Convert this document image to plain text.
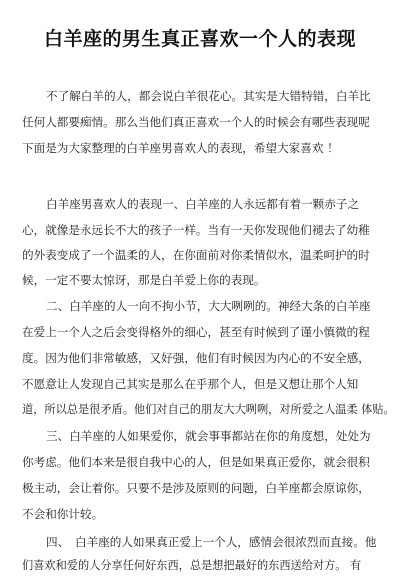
白羊座的男生真正喜欢一个人的表现
不了解白羊的人，都会说白羊很花心。其实是大错特错，白羊比
任何人都要痴情。那么当他们真正喜欢一个人的时候会有哪些表现呢
下面是为大家整理的白羊座男喜欢人的表现，希望大家喜欢 ！
白羊座男喜欢人的表现一、白羊座的人永远都有着一颗赤子之
心，就像是永远长不大的孩子一样。当有一天你发现他们褪去了幼稚
的外表变成了一个温柔的人，在你面前对你柔情似水，温柔呵护的时
候，一定不要太惊讶，那是白羊爱上你的表现。
二、白羊座的人一向不拘小节，大大咧咧的。神经大条的白羊座
在爱上一个人之后会变得格外的细心，甚至有时候到了谨小慎微的程
度。因为他们非常敏感，又好强，他们有时候因为内心的不安全感，
不愿意让人发现自己其实是那么在乎那个人，但是又想让那个人知
道，所以总是很矛盾。他们对自己的朋友大大咧咧，对所爱之人温柔 体贴。
三、白羊座的人如果爱你，就会事事都站在你的角度想，处处为
你考虑。他们本来是很自我中心的人，但是如果真正爱你，就会很积
极主动，会让着你。只要不是涉及原则的问题，白羊座都会原谅你，
不会和你计较。
四、　白羊座的人如果真正爱上一个人，感情会很浓烈而直接。他
们喜欢和爱的人分享任何好东西，总是想把最好的东西送给对方。 有
